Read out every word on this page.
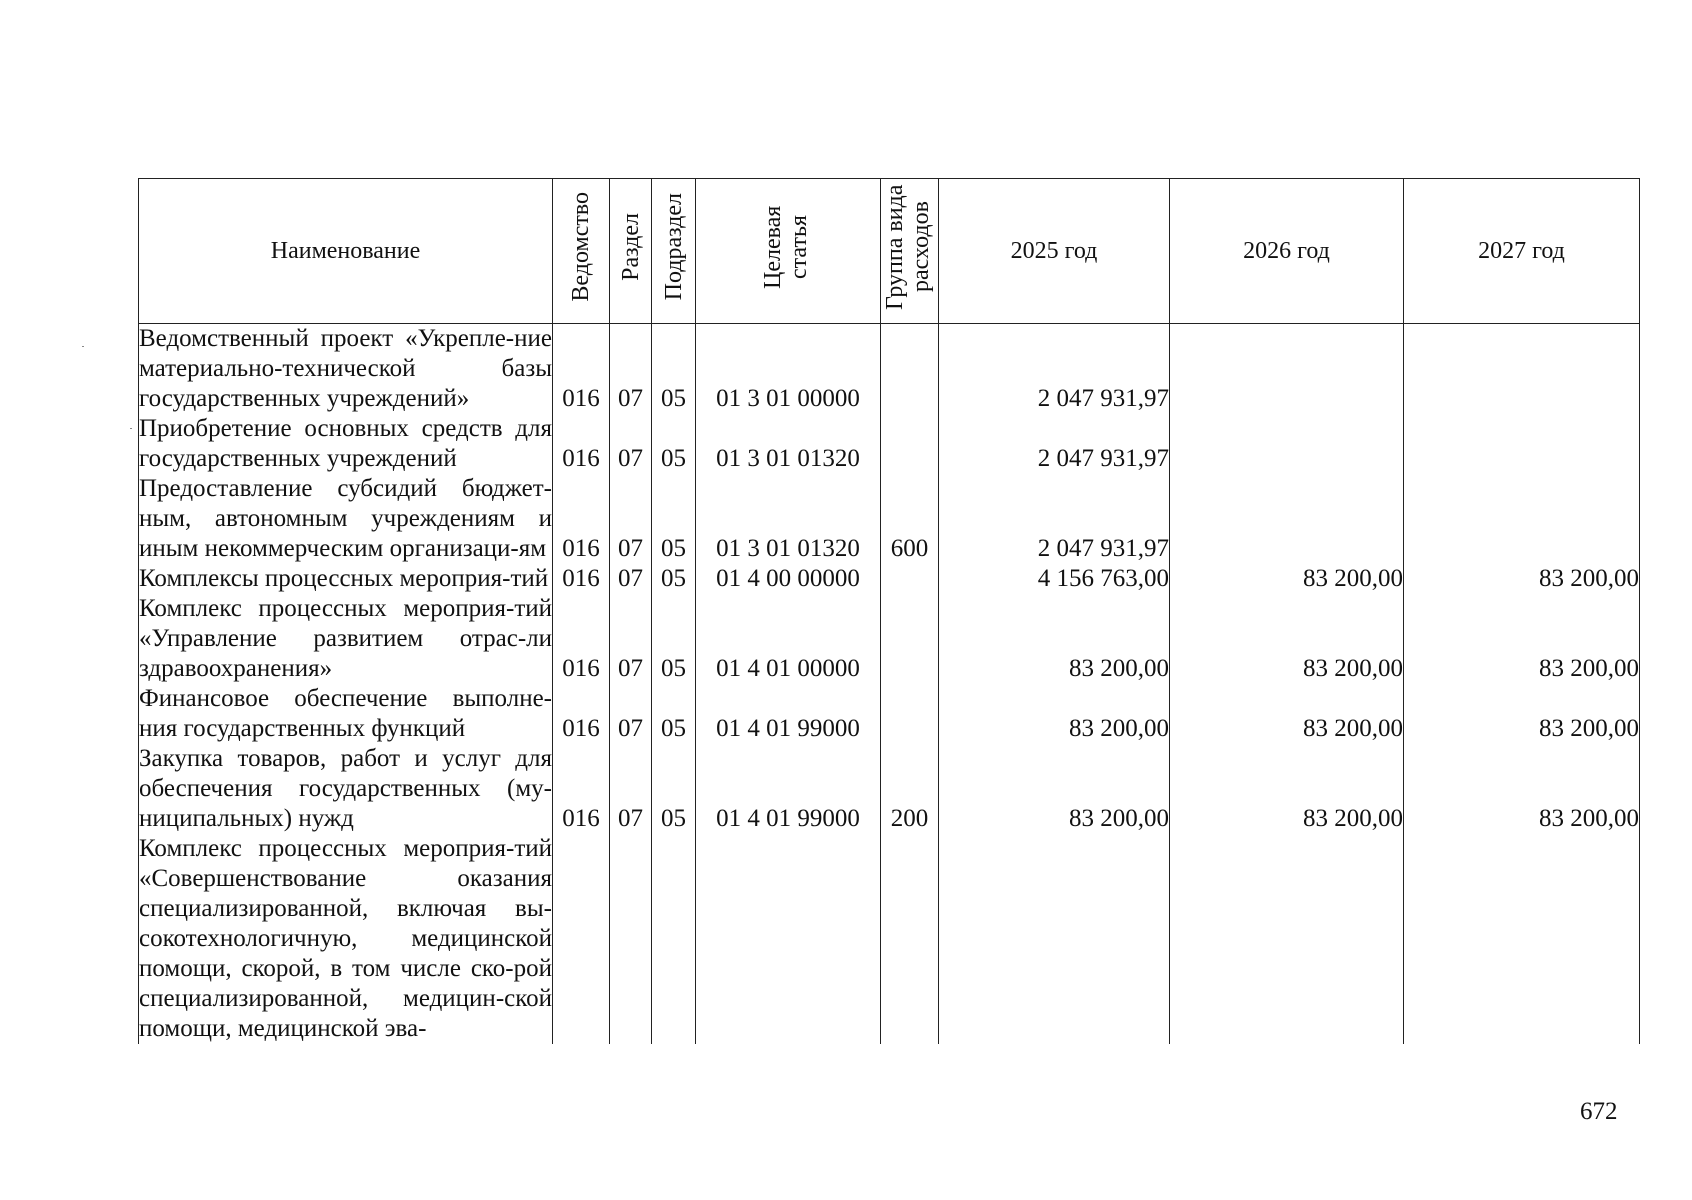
Наименование	Ведомство	Раздел	Подраздел	Целевая статья	Группа вида расходов	2025 год	2026 год	2027 год
Ведомственный проект «Укрепле-ние материально-технической базы государственных учреждений»	016	07	05	01 3 01 00000		2 047 931,97		
Приобретение основных средств для государственных учреждений	016	07	05	01 3 01 01320		2 047 931,97		
Предоставление субсидий бюджет-ным, автономным учреждениям и иным некоммерческим организаци-ям	016	07	05	01 3 01 01320	600	2 047 931,97		
Комплексы процессных мероприя-тий	016	07	05	01 4 00 00000		4 156 763,00	83 200,00	83 200,00
Комплекс процессных мероприя-тий «Управление развитием отрас-ли здравоохранения»	016	07	05	01 4 01 00000		83 200,00	83 200,00	83 200,00
Финансовое обеспечение выполне-ния государственных функций	016	07	05	01 4 01 99000		83 200,00	83 200,00	83 200,00
Закупка товаров, работ и услуг для обеспечения государственных (му-ниципальных) нужд	016	07	05	01 4 01 99000	200	83 200,00	83 200,00	83 200,00
Комплекс процессных мероприя-тий «Совершенствование оказания специализированной, включая вы-сокотехнологичную, медицинской помощи, скорой, в том числе ско-рой специализированной, медицин-ской помощи, медицинской эва-								
672
